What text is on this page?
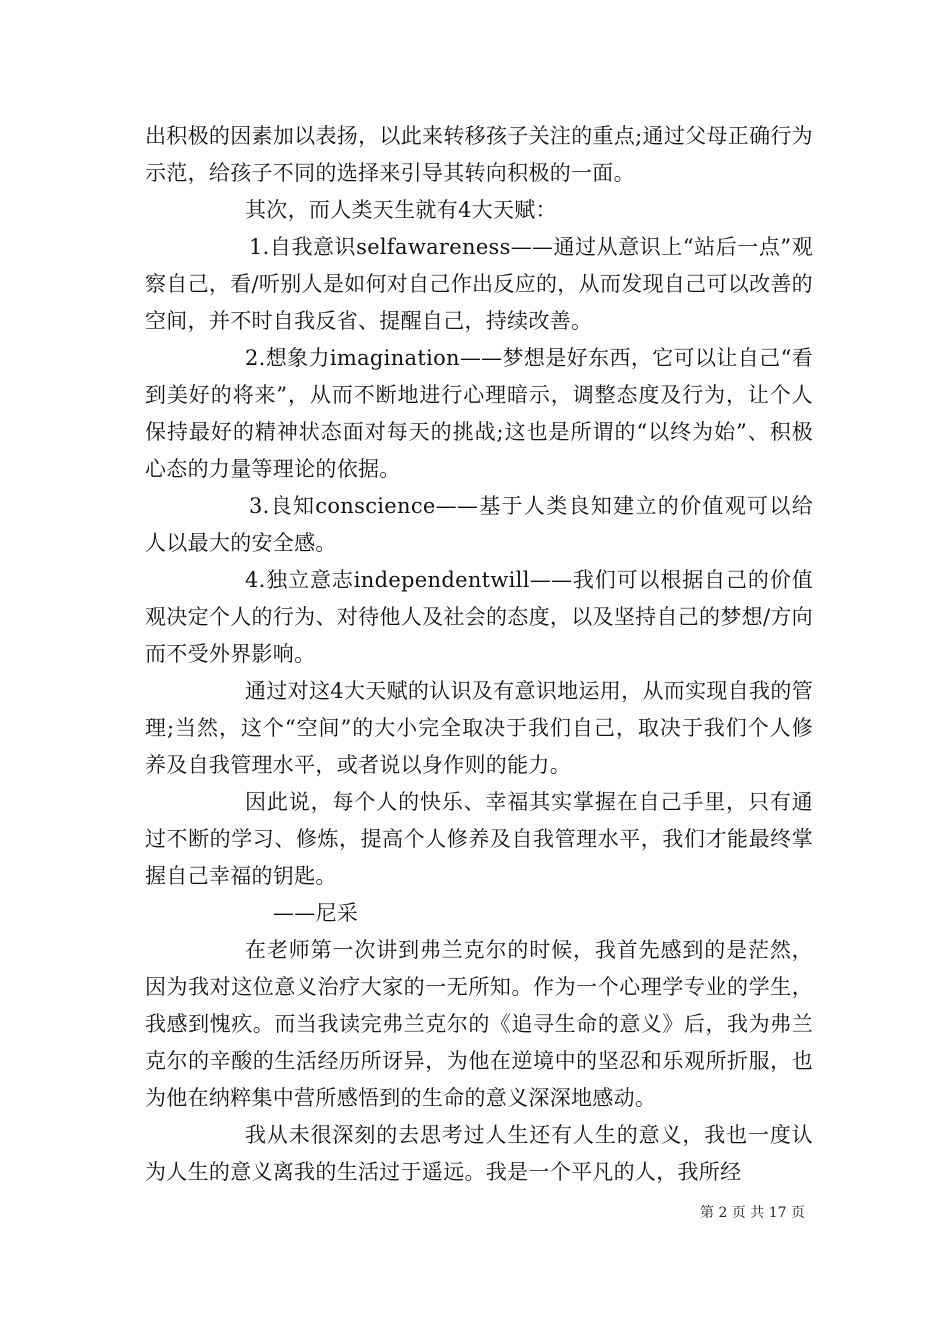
出积极的因素加以表扬，以此来转移孩子关注的重点;通过父母正确行为示范，给孩子不同的选择来引导其转向积极的一面。

其次，而人类天生就有4大天赋：

1.自我意识selfawareness——通过从意识上“站后一点”观察自己，看/听别人是如何对自己作出反应的，从而发现自己可以改善的空间，并不时自我反省、提醒自己，持续改善。

2.想象力imagination——梦想是好东西，它可以让自己“看到美好的将来”，从而不断地进行心理暗示，调整态度及行为，让个人保持最好的精神状态面对每天的挑战;这也是所谓的“以终为始”、积极心态的力量等理论的依据。

3.良知conscience——基于人类良知建立的价值观可以给人以最大的安全感。

4.独立意志independentwill——我们可以根据自己的价值观决定个人的行为、对待他人及社会的态度，以及坚持自己的梦想/方向而不受外界影响。

通过对这4大天赋的认识及有意识地运用，从而实现自我的管理;当然，这个“空间”的大小完全取决于我们自己，取决于我们个人修养及自我管理水平，或者说以身作则的能力。

因此说，每个人的快乐、幸福其实掌握在自己手里，只有通过不断的学习、修炼，提高个人修养及自我管理水平，我们才能最终掌握自己幸福的钥匙。

——尼采

在老师第一次讲到弗兰克尔的时候，我首先感到的是茫然，因为我对这位意义治疗大家的一无所知。作为一个心理学专业的学生，我感到愧疚。而当我读完弗兰克尔的《追寻生命的意义》后，我为弗兰克尔的辛酸的生活经历所讶异，为他在逆境中的坚忍和乐观所折服，也为他在纳粹集中营所感悟到的生命的意义深深地感动。

我从未很深刻的去思考过人生还有人生的意义，我也一度认为人生的意义离我的生活过于遥远。我是一个平凡的人，我所经

第 2 页 共 17 页
